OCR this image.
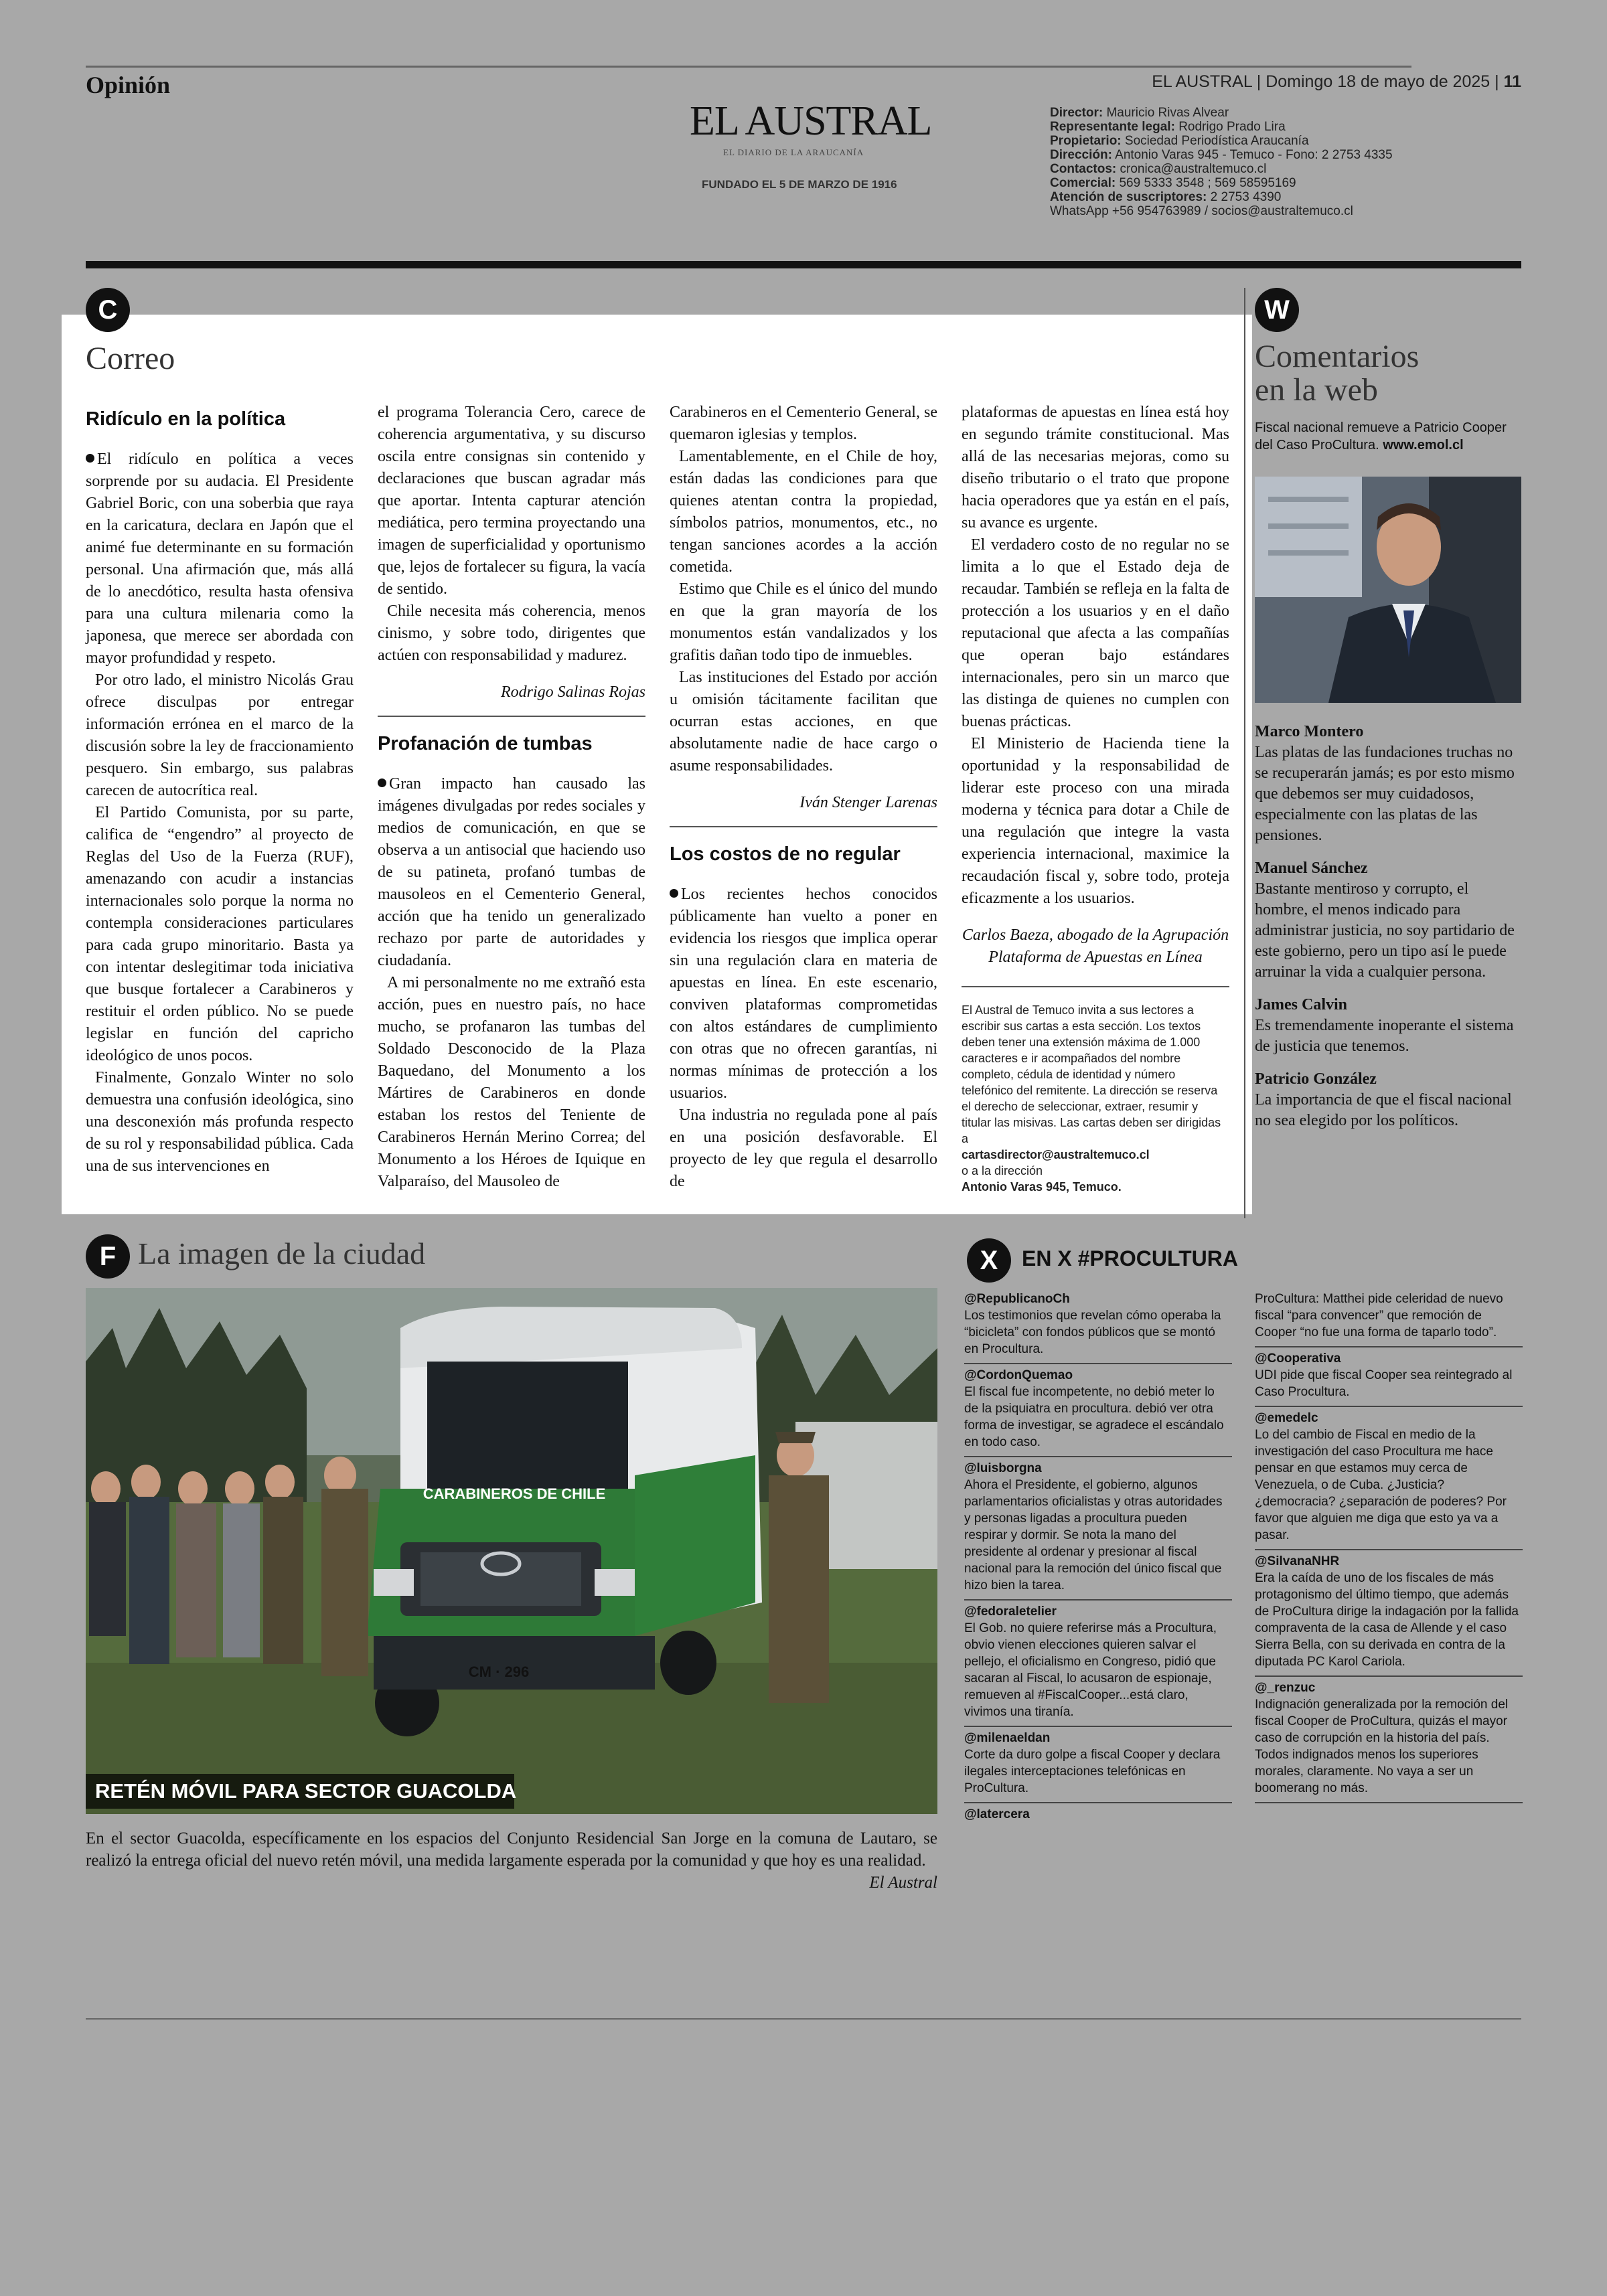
Opinión	EL AUSTRAL | Domingo 18 de mayo de 2025 | 11
EL AUSTRAL
EL DIARIO DE LA ARAUCANÍA
FUNDADO EL 5 DE MARZO DE 1916
Director: Mauricio Rivas Alvear
Representante legal: Rodrigo Prado Lira
Propietario: Sociedad Periodística Araucanía
Dirección: Antonio Varas 945 - Temuco - Fono: 2 2753 4335
Contactos: cronica@australtemuco.cl
Comercial: 569 5333 3548 ; 569 58595169
Atención de suscriptores: 2 2753 4390
WhatsApp +56 954763989 / socios@australtemuco.cl
C
Correo
Ridículo en la política

El ridículo en política a veces sorprende por su audacia. El Presidente Gabriel Boric, con una soberbia que raya en la caricatura, declara en Japón que el animé fue determinante en su formación personal. Una afirmación que, más allá de lo anecdótico, resulta hasta ofensiva para una cultura milenaria como la japonesa, que merece ser abordada con mayor profundidad y respeto.

Por otro lado, el ministro Nicolás Grau ofrece disculpas por entregar información errónea en el marco de la discusión sobre la ley de fraccionamiento pesquero. Sin embargo, sus palabras carecen de autocrítica real.

El Partido Comunista, por su parte, califica de “engendro” al proyecto de Reglas del Uso de la Fuerza (RUF), amenazando con acudir a instancias internacionales solo porque la norma no contempla consideraciones particulares para cada grupo minoritario. Basta ya con intentar deslegitimar toda iniciativa que busque fortalecer a Carabineros y restituir el orden público. No se puede legislar en función del capricho ideológico de unos pocos.

Finalmente, Gonzalo Winter no solo demuestra una confusión ideológica, sino una desconexión más profunda respecto de su rol y responsabilidad pública. Cada una de sus intervenciones en

el programa Tolerancia Cero, carece de coherencia argumentativa, y su discurso oscila entre consignas sin contenido y declaraciones que buscan agradar más que aportar. Intenta capturar atención mediática, pero termina proyectando una imagen de superficialidad y oportunismo que, lejos de fortalecer su figura, la vacía de sentido.

Chile necesita más coherencia, menos cinismo, y sobre todo, dirigentes que actúen con responsabilidad y madurez.

Rodrigo Salinas Rojas
Profanación de tumbas

Gran impacto han causado las imágenes divulgadas por redes sociales y medios de comunicación, en que se observa a un antisocial que haciendo uso de su patineta, profanó tumbas de mausoleos en el Cementerio General, acción que ha tenido un generalizado rechazo por parte de autoridades y ciudadanía.

A mi personalmente no me extrañó esta acción, pues en nuestro país, no hace mucho, se profanaron las tumbas del Soldado Desconocido de la Plaza Baquedano, del Monumento a los Mártires de Carabineros en donde estaban los restos del Teniente de Carabineros Hernán Merino Correa; del Monumento a los Héroes de Iquique en Valparaíso, del Mausoleo de

Carabineros en el Cementerio General, se quemaron iglesias y templos.

Lamentablemente, en el Chile de hoy, están dadas las condiciones para que quienes atentan contra la propiedad, símbolos patrios, monumentos, etc., no tengan sanciones acordes a la acción cometida.

Estimo que Chile es el único del mundo en que la gran mayoría de los monumentos están vandalizados y los grafitis dañan todo tipo de inmuebles.

Las instituciones del Estado por acción u omisión tácitamente facilitan que ocurran estas acciones, en que absolutamente nadie de hace cargo o asume responsabilidades.

Iván Stenger Larenas
Los costos de no regular

Los recientes hechos conocidos públicamente han vuelto a poner en evidencia los riesgos que implica operar sin una regulación clara en materia de apuestas en línea. En este escenario, conviven plataformas comprometidas con altos estándares de cumplimiento con otras que no ofrecen garantías, ni normas mínimas de protección a los usuarios.

Una industria no regulada pone al país en una posición desfavorable. El proyecto de ley que regula el desarrollo de

plataformas de apuestas en línea está hoy en segundo trámite constitucional. Mas allá de las necesarias mejoras, como su diseño tributario o el trato que propone hacia operadores que ya están en el país, su avance es urgente.

El verdadero costo de no regular no se limita a lo que el Estado deja de recaudar. También se refleja en la falta de protección a los usuarios y en el daño reputacional que afecta a las compañías que operan bajo estándares internacionales, pero sin un marco que las distinga de quienes no cumplen con buenas prácticas.

El Ministerio de Hacienda tiene la oportunidad y la responsabilidad de liderar este proceso con una mirada moderna y técnica para dotar a Chile de una regulación que integre la vasta experiencia internacional, maximice la recaudación fiscal y, sobre todo, proteja eficazmente a los usuarios.

Carlos Baeza, abogado de la Agrupación Plataforma de Apuestas en Línea
El Austral de Temuco invita a sus lectores a escribir sus cartas a esta sección. Los textos deben tener una extensión máxima de 1.000 caracteres e ir acompañados del nombre completo, cédula de identidad y número telefónico del remitente. La dirección se reserva el derecho de seleccionar, extraer, resumir y titular las misivas. Las cartas deben ser dirigidas a
cartasdirector@australtemuco.cl
o a la dirección
Antonio Varas 945, Temuco.
W
Comentarios
en la web
Fiscal nacional remueve a Patricio Cooper del Caso ProCultura. www.emol.cl
Marco Montero
Las platas de las fundaciones truchas no se recuperarán jamás; es por esto mismo que debemos ser muy cuidadosos, especialmente con las platas de las pensiones.
Manuel Sánchez
Bastante mentiroso y corrupto, el hombre, el menos indicado para administrar justicia, no soy partidario de este gobierno, pero un tipo así le puede arruinar la vida a cualquier persona.
James Calvin
Es tremendamente inoperante el sistema de justicia que tenemos.
Patricio González
La importancia de que el fiscal nacional no sea elegido por los políticos.
F La imagen de la ciudad
CARABINEROS DE CHILE
CM · 296
RETÉN MÓVIL PARA SECTOR GUACOLDA
En el sector Guacolda, específicamente en los espacios del Conjunto Residencial San Jorge en la comuna de Lautaro, se realizó la entrega oficial del nuevo retén móvil, una medida largamente esperada por la comunidad y que hoy es una realidad.
El Austral
X	EN X #PROCULTURA
@RepublicanoCh
Los testimonios que revelan cómo operaba la “bicicleta” con fondos públicos que se montó en Procultura.
@CordonQuemao
El fiscal fue incompetente, no debió meter lo de la psiquiatra en procultura. debió ver otra forma de investigar, se agradece el escándalo en todo caso.
@luisborgna
Ahora el Presidente, el gobierno, algunos parlamentarios oficialistas y otras autoridades y personas ligadas a procultura pueden respirar y dormir. Se nota la mano del presidente al ordenar y presionar al fiscal nacional para la remoción del único fiscal que hizo bien la tarea.
@fedoraletelier
El Gob. no quiere referirse más a Procultura, obvio vienen elecciones quieren salvar el pellejo, el oficialismo en Congreso, pidió que sacaran al Fiscal, lo acusaron de espionaje, remueven al #FiscalCooper...está claro, vivimos una tiranía.
@milenaeldan
Corte da duro golpe a fiscal Cooper y declara ilegales interceptaciones telefónicas en ProCultura.
@latercera
ProCultura: Matthei pide celeridad de nuevo fiscal “para convencer” que remoción de Cooper “no fue una forma de taparlo todo”.
@Cooperativa
UDI pide que fiscal Cooper sea reintegrado al Caso Procultura.
@emedelc
Lo del cambio de Fiscal en medio de la investigación del caso Procultura me hace pensar en que estamos muy cerca de Venezuela, o de Cuba. ¿Justicia? ¿democracia? ¿separación de poderes? Por favor que alguien me diga que esto ya va a pasar.
@SilvanaNHR
Era la caída de uno de los fiscales de más protagonismo del último tiempo, que además de ProCultura dirige la indagación por la fallida compraventa de la casa de Allende y el caso Sierra Bella, con su derivada en contra de la diputada PC Karol Cariola.
@_renzuc
Indignación generalizada por la remoción del fiscal Cooper de ProCultura, quizás el mayor caso de corrupción en la historia del país. Todos indignados menos los superiores morales, claramente. No vaya a ser un boomerang no más.
